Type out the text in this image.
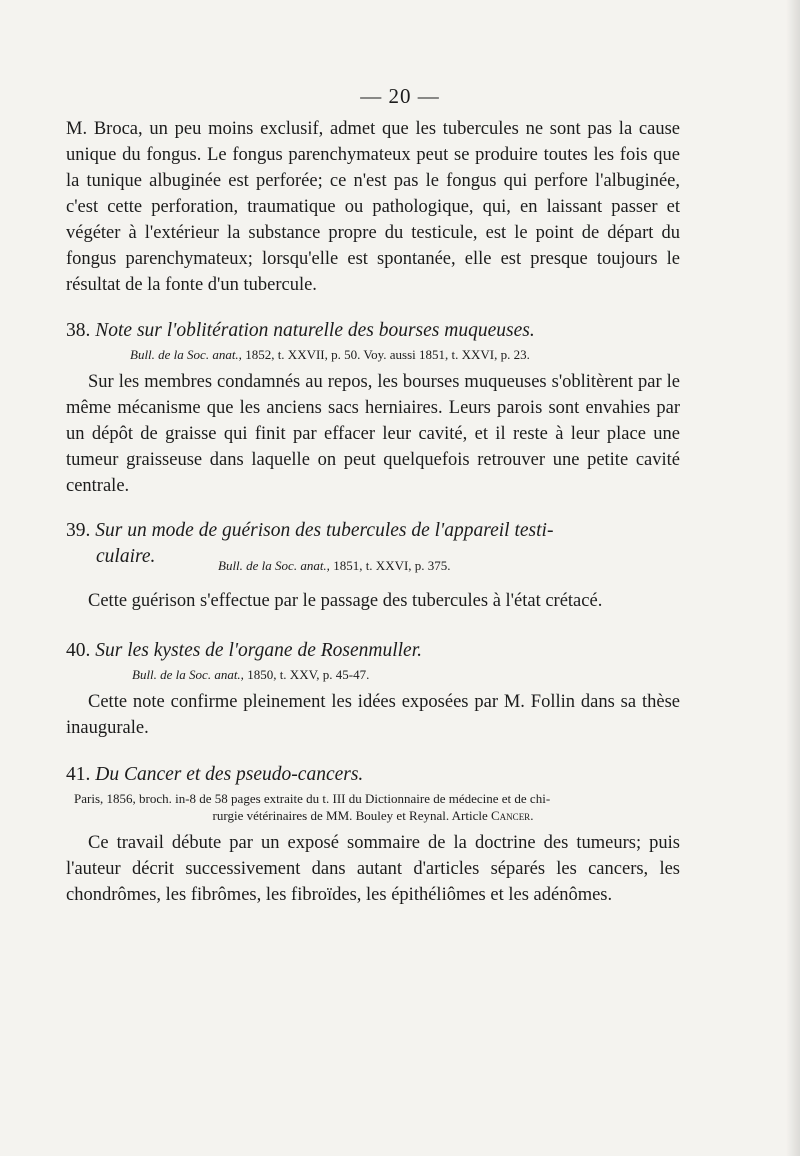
— 20 —

M. Broca, un peu moins exclusif, admet que les tubercules ne sont pas la cause unique du fongus. Le fongus parenchymateux peut se produire toutes les fois que la tunique albuginée est perforée; ce n'est pas le fongus qui perfore l'albuginée, c'est cette perforation, traumatique ou pathologique, qui, en laissant passer et végéter à l'extérieur la substance propre du testicule, est le point de départ du fongus parenchymateux; lorsqu'elle est spontanée, elle est presque toujours le résultat de la fonte d'un tubercule.

38. Note sur l'oblitération naturelle des bourses muqueuses.

Bull. de la Soc. anat., 1852, t. XXVII, p. 50. Voy. aussi 1851, t. XXVI, p. 23.

Sur les membres condamnés au repos, les bourses muqueuses s'oblitèrent par le même mécanisme que les anciens sacs herniaires. Leurs parois sont envahies par un dépôt de graisse qui finit par effacer leur cavité, et il reste à leur place une tumeur graisseuse dans laquelle on peut quelquefois retrouver une petite cavité centrale.

39. Sur un mode de guérison des tubercules de l'appareil testi-

culaire.	Bull. de la Soc. anat., 1851, t. XXVI, p. 375.

Cette guérison s'effectue par le passage des tubercules à l'état crétacé.

40. Sur les kystes de l'organe de Rosenmuller.

Bull. de la Soc. anat., 1850, t. XXV, p. 45-47.

Cette note confirme pleinement les idées exposées par M. Follin dans sa thèse inaugurale.

41. Du Cancer et des pseudo-cancers.

Paris, 1856, broch. in-8 de 58 pages extraite du t. III du Dictionnaire de médecine et de chi-

rurgie vétérinaires de MM. Bouley et Reynal. Article Cancer.

Ce travail débute par un exposé sommaire de la doctrine des tumeurs; puis l'auteur décrit successivement dans autant d'articles séparés les cancers, les chondrômes, les fibrômes, les fibroïdes, les épithéliômes et les adénômes.
